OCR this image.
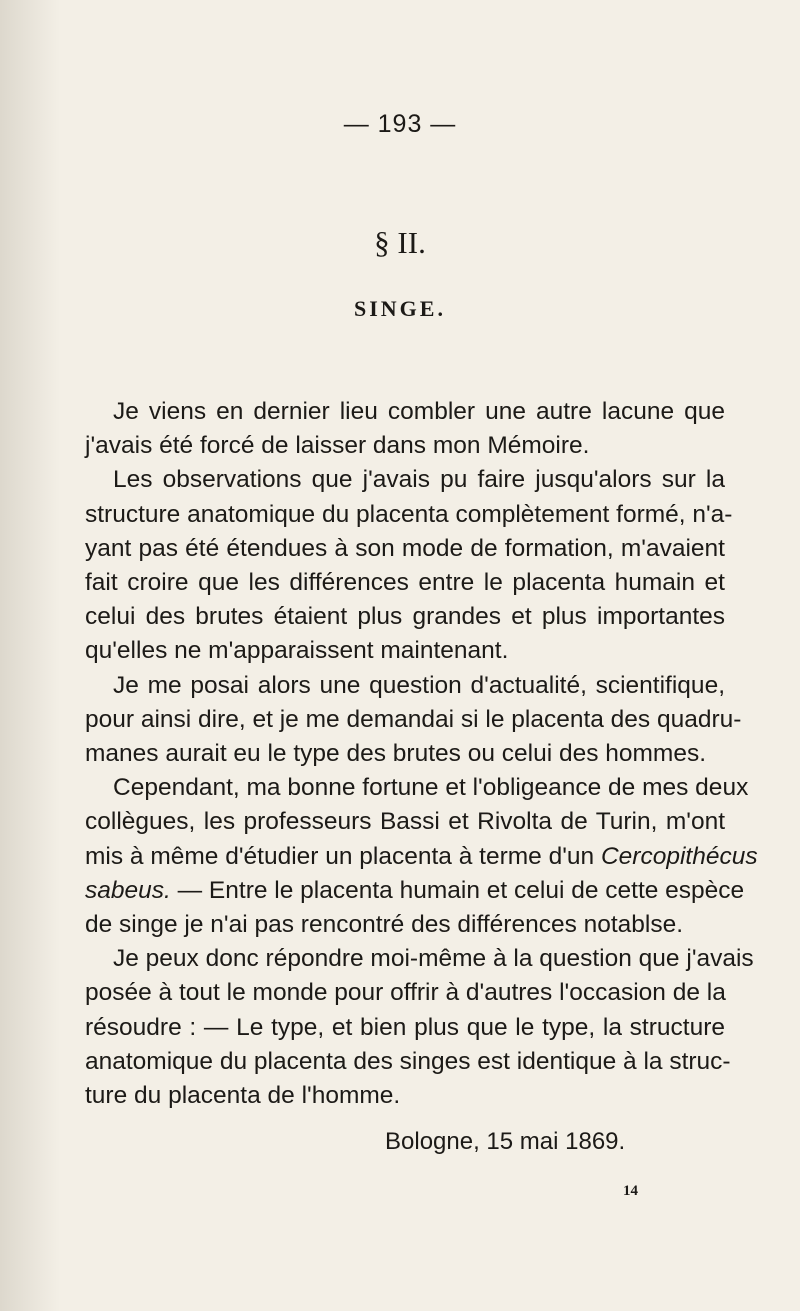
— 193 —
§ II.
SINGE.
Je viens en dernier lieu combler une autre lacune que
j'avais été forcé de laisser dans mon Mémoire.
Les observations que j'avais pu faire jusqu'alors sur la
structure anatomique du placenta complètement formé, n'a-
yant pas été étendues à son mode de formation, m'avaient
fait croire que les différences entre le placenta humain et
celui des brutes étaient plus grandes et plus importantes
qu'elles ne m'apparaissent maintenant.
Je me posai alors une question d'actualité, scientifique,
pour ainsi dire, et je me demandai si le placenta des quadru-
manes aurait eu le type des brutes ou celui des hommes.
Cependant, ma bonne fortune et l'obligeance de mes deux
collègues, les professeurs Bassi et Rivolta de Turin, m'ont
mis à même d'étudier un placenta à terme d'un Cercopithécus
sabeus. — Entre le placenta humain et celui de cette espèce
de singe je n'ai pas rencontré des différences notablse.
Je peux donc répondre moi-même à la question que j'avais
posée à tout le monde pour offrir à d'autres l'occasion de la
résoudre : — Le type, et bien plus que le type, la structure
anatomique du placenta des singes est identique à la struc-
ture du placenta de l'homme.
Bologne, 15 mai 1869.
14
